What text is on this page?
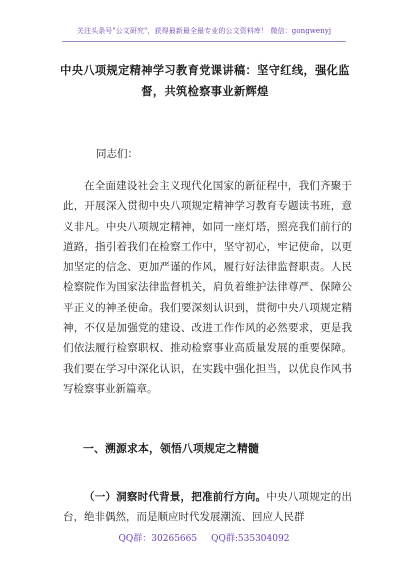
关注头条号"公文研究"，获得最新最全最专业的公文资料库！ 微信：gongwenyj
中央八项规定精神学习教育党课讲稿：坚守红线，强化监督，共筑检察事业新辉煌
同志们：

在全面建设社会主义现代化国家的新征程中，我们齐聚于此，开展深入贯彻中央八项规定精神学习教育专题读书班，意义非凡。中央八项规定精神，如同一座灯塔，照亮我们前行的道路，指引着我们在检察工作中，坚守初心，牢记使命，以更加坚定的信念、更加严谨的作风，履行好法律监督职责。人民检察院作为国家法律监督机关，肩负着维护法律尊严、保障公平正义的神圣使命。我们要深刻认识到，贯彻中央八项规定精神，不仅是加强党的建设、改进工作作风的必然要求，更是我们依法履行检察职权、推动检察事业高质量发展的重要保障。我们要在学习中深化认识，在实践中强化担当，以优良作风书写检察事业新篇章。

一、溯源求本，领悟八项规定之精髓

（一）洞察时代背景，把准前行方向。中央八项规定的出台，绝非偶然，而是顺应时代发展潮流、回应人民群

QQ群：30265665 QQ群:535304092
